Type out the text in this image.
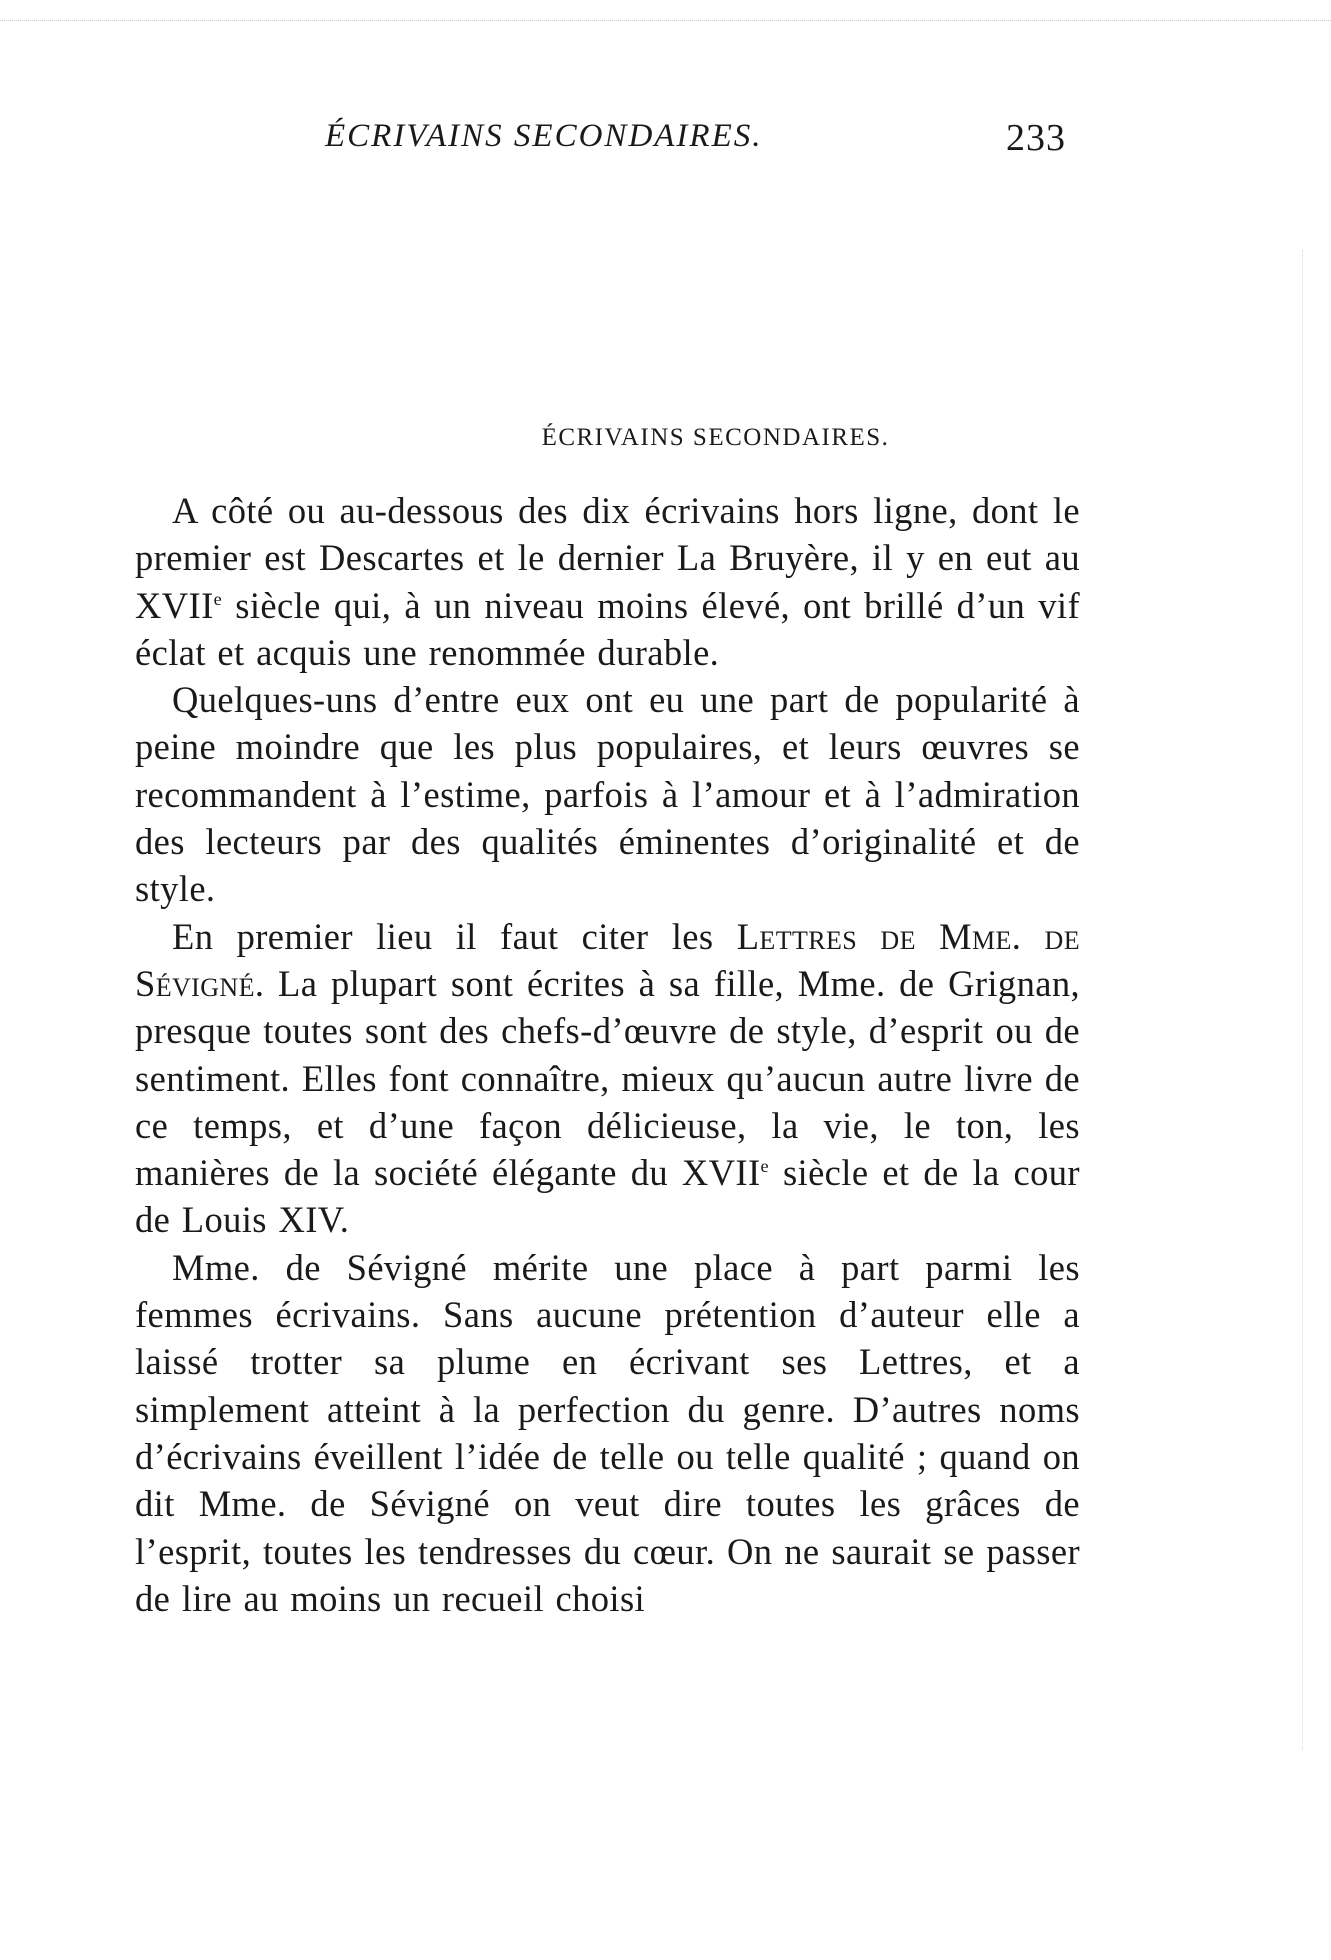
ÉCRIVAINS SECONDAIRES.	233
ÉCRIVAINS SECONDAIRES.

A côté ou au-dessous des dix écrivains hors ligne, dont le premier est Descartes et le dernier La Bruyère, il y en eut au XVIIe siècle qui, à un niveau moins élevé, ont brillé d’un vif éclat et acquis une renommée durable.

Quelques-uns d’entre eux ont eu une part de popularité à peine moindre que les plus populaires, et leurs œuvres se recommandent à l’estime, parfois à l’amour et à l’admiration des lecteurs par des qualités éminentes d’originalité et de style.

En premier lieu il faut citer les Lettres de Mme. de Sévigné. La plupart sont écrites à sa fille, Mme. de Grignan, presque toutes sont des chefs-d’œuvre de style, d’esprit ou de sentiment. Elles font connaître, mieux qu’aucun autre livre de ce temps, et d’une façon délicieuse, la vie, le ton, les manières de la société élégante du XVIIe siècle et de la cour de Louis XIV.

Mme. de Sévigné mérite une place à part parmi les femmes écrivains. Sans aucune prétention d’auteur elle a laissé trotter sa plume en écrivant ses Lettres, et a simplement atteint à la perfection du genre. D’autres noms d’écrivains éveillent l’idée de telle ou telle qualité ; quand on dit Mme. de Sévigné on veut dire toutes les grâces de l’esprit, toutes les tendresses du cœur. On ne saurait se passer de lire au moins un recueil choisi
